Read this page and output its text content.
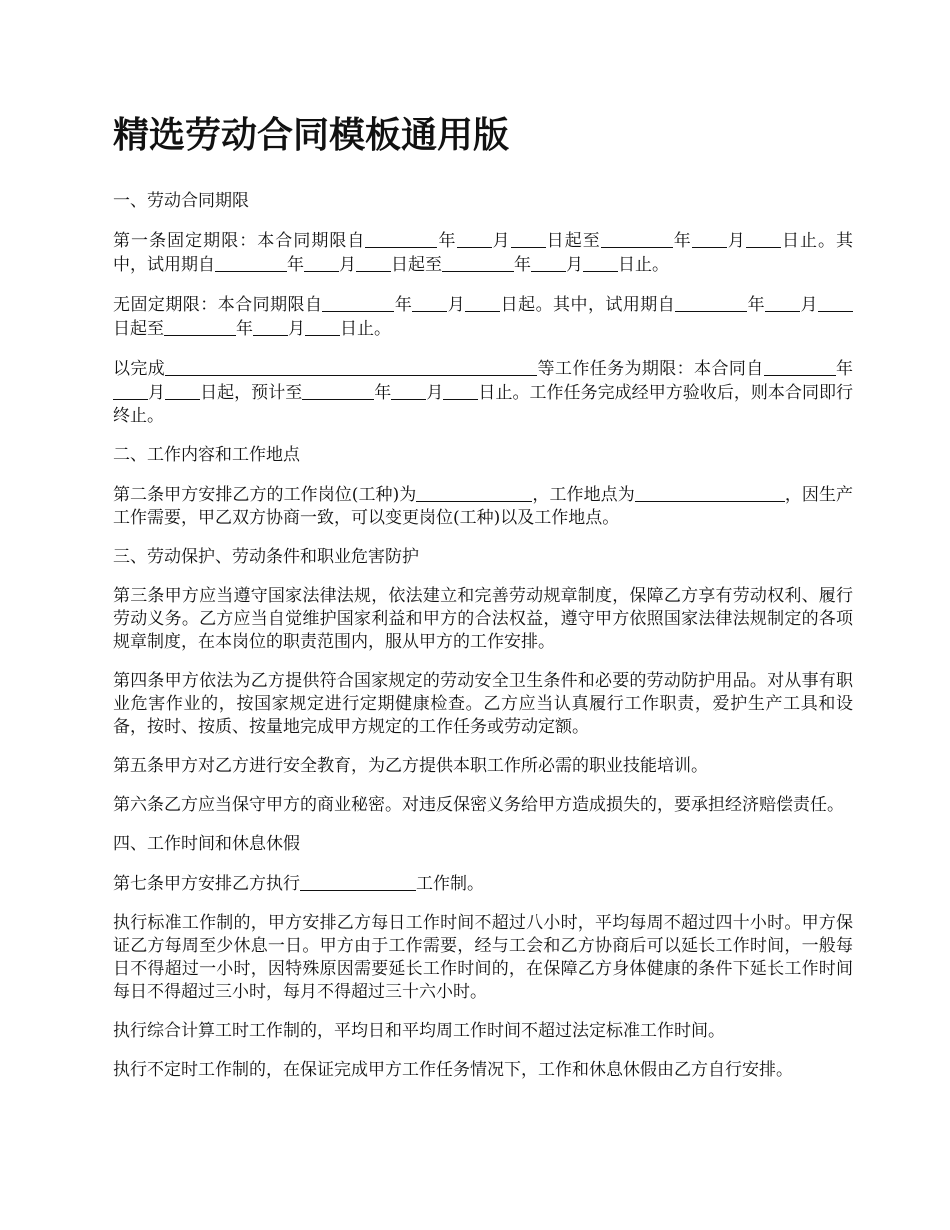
精选劳动合同模板通用版

一、劳动合同期限

第一条固定期限：本合同期限自	年 月 日起至	年 月 日止。其中，试用期自	年 月 日起至	年 月 日止。

无固定期限：本合同期限自	年 月 日起。其中，试用期自	年 月日起至	年 月 日止。

以完成	等工作任务为期限：本合同自	年月 日起，预计至	年 月 日止。工作任务完成经甲方验收后，则本合同即行终止。

二、工作内容和工作地点

第二条甲方安排乙方的工作岗位(工种)为	，工作地点为	，因生产工作需要，甲乙双方协商一致，可以变更岗位(工种)以及工作地点。

三、劳动保护、劳动条件和职业危害防护

第三条甲方应当遵守国家法律法规，依法建立和完善劳动规章制度，保障乙方享有劳动权利、履行劳动义务。乙方应当自觉维护国家利益和甲方的合法权益，遵守甲方依照国家法律法规制定的各项规章制度，在本岗位的职责范围内，服从甲方的工作安排。

第四条甲方依法为乙方提供符合国家规定的劳动安全卫生条件和必要的劳动防护用品。对从事有职业危害作业的，按国家规定进行定期健康检查。乙方应当认真履行工作职责，爱护生产工具和设备，按时、按质、按量地完成甲方规定的工作任务或劳动定额。

第五条甲方对乙方进行安全教育，为乙方提供本职工作所必需的职业技能培训。

第六条乙方应当保守甲方的商业秘密。对违反保密义务给甲方造成损失的，要承担经济赔偿责任。

四、工作时间和休息休假

第七条甲方安排乙方执行	工作制。

执行标准工作制的，甲方安排乙方每日工作时间不超过八小时，平均每周不超过四十小时。甲方保证乙方每周至少休息一日。甲方由于工作需要，经与工会和乙方协商后可以延长工作时间，一般每日不得超过一小时，因特殊原因需要延长工作时间的，在保障乙方身体健康的条件下延长工作时间每日不得超过三小时，每月不得超过三十六小时。

执行综合计算工时工作制的，平均日和平均周工作时间不超过法定标准工作时间。

执行不定时工作制的，在保证完成甲方工作任务情况下，工作和休息休假由乙方自行安排。
